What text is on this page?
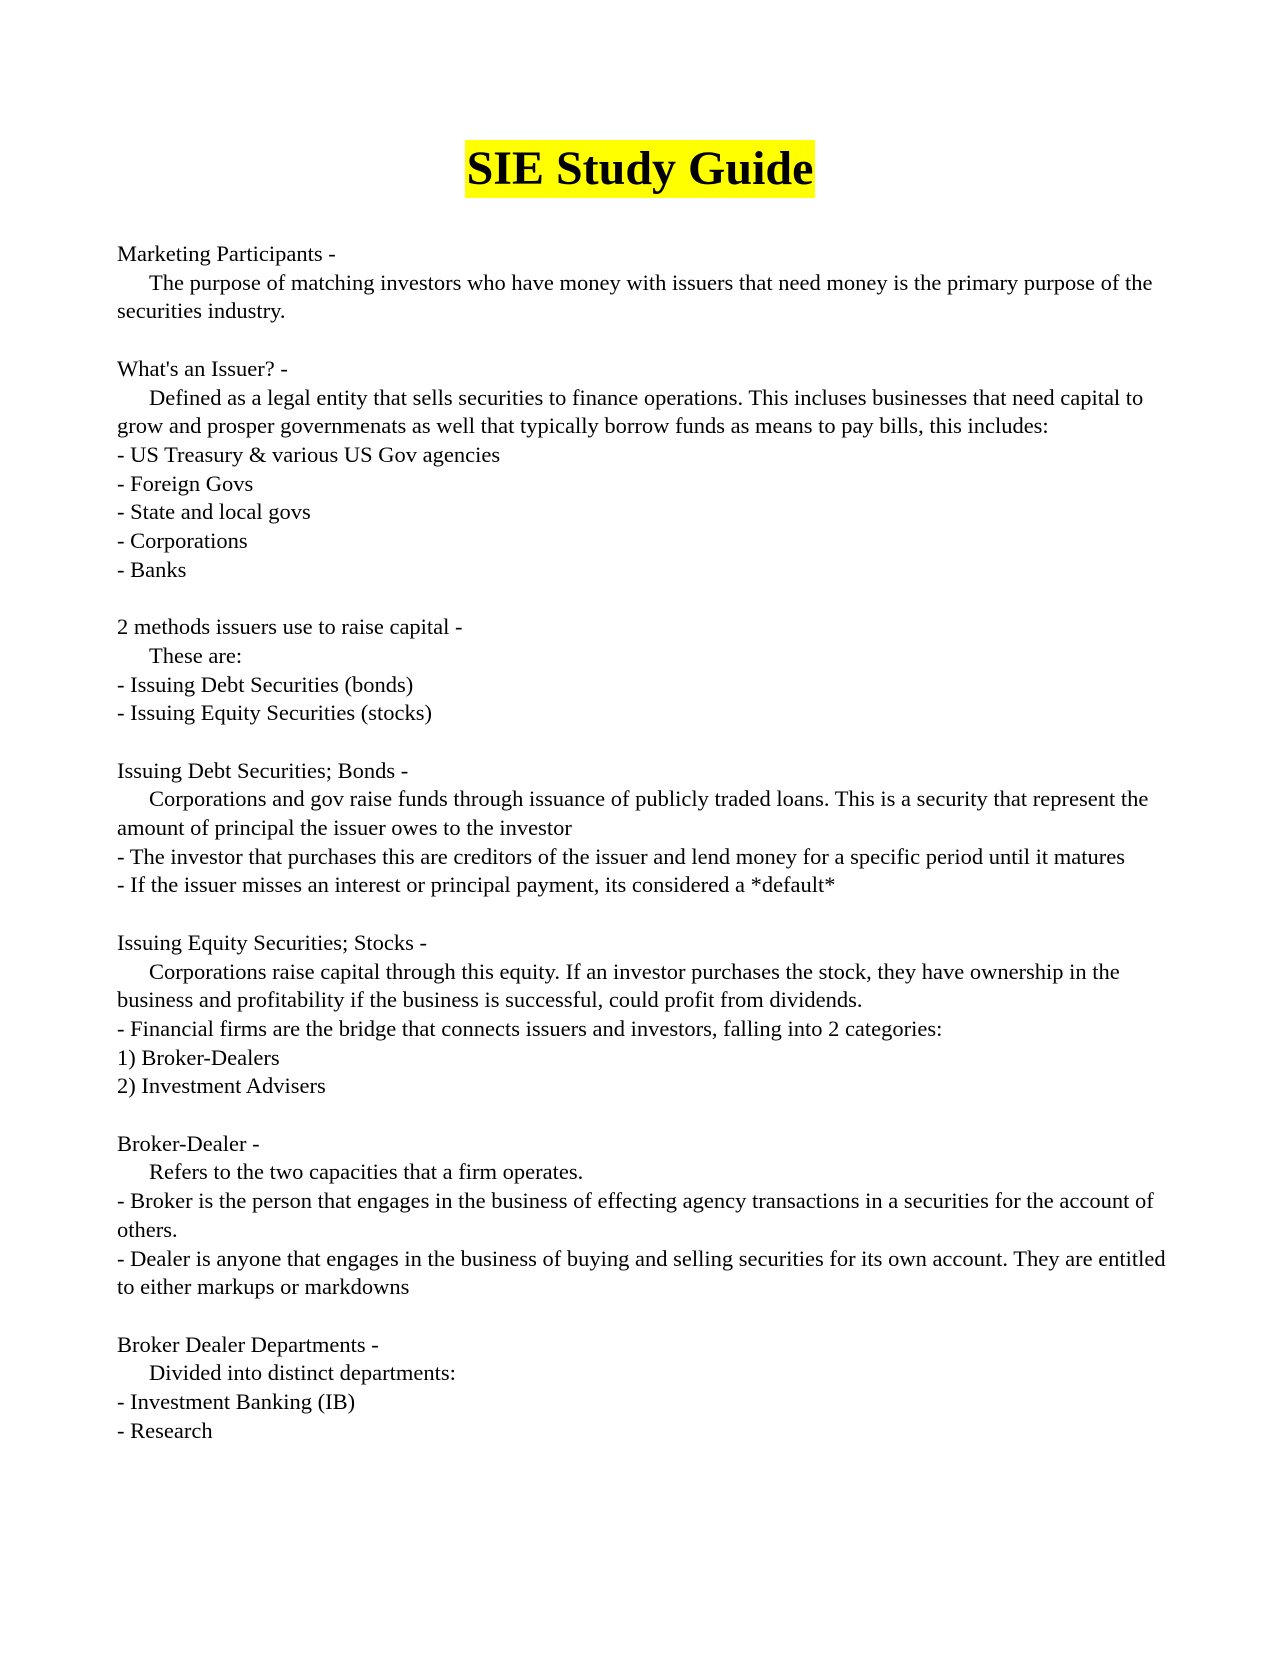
SIE Study Guide
Marketing Participants -
The purpose of matching investors who have money with issuers that need money is the primary purpose of the securities industry.
What's an Issuer? -
Defined as a legal entity that sells securities to finance operations. This incluses businesses that need capital to grow and prosper governmenats as well that typically borrow funds as means to pay bills, this includes:
- US Treasury & various US Gov agencies
- Foreign Govs
- State and local govs
- Corporations
- Banks
2 methods issuers use to raise capital -
These are:
- Issuing Debt Securities (bonds)
- Issuing Equity Securities (stocks)
Issuing Debt Securities; Bonds -
Corporations and gov raise funds through issuance of publicly traded loans. This is a security that represent the amount of principal the issuer owes to the investor
- The investor that purchases this are creditors of the issuer and lend money for a specific period until it matures
- If the issuer misses an interest or principal payment, its considered a *default*
Issuing Equity Securities; Stocks -
Corporations raise capital through this equity. If an investor purchases the stock, they have ownership in the business and profitability if the business is successful, could profit from dividends.
- Financial firms are the bridge that connects issuers and investors, falling into 2 categories:
1) Broker-Dealers
2) Investment Advisers
Broker-Dealer -
Refers to the two capacities that a firm operates.
- Broker is the person that engages in the business of effecting agency transactions in a securities for the account of others.
- Dealer is anyone that engages in the business of buying and selling securities for its own account. They are entitled to either markups or markdowns
Broker Dealer Departments -
Divided into distinct departments:
- Investment Banking (IB)
- Research
